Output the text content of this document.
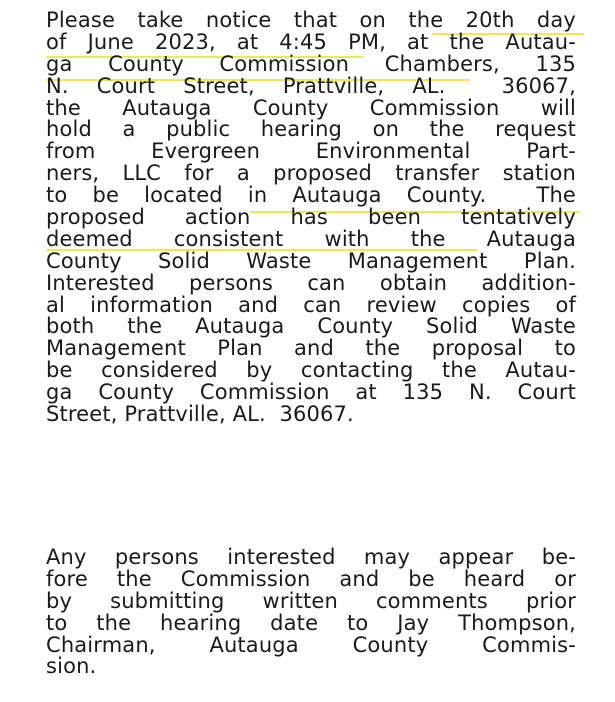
Please take notice that on the 20th day
of June 2023, at 4:45 PM, at the Autau-
ga County Commission Chambers, 135
N. Court Street, Prattville, AL.  36067,
the Autauga County Commission will
hold a public hearing on the request
from Evergreen Environmental Part-
ners, LLC for a proposed transfer station
to be located in Autauga County.  The
proposed action has been tentatively
deemed consistent with the Autauga
County Solid Waste Management Plan.
Interested persons can obtain addition-
al information and can review copies of
both the Autauga County Solid Waste
Management Plan and the proposal to
be considered by contacting the Autau-
ga County Commission at 135 N. Court
Street, Prattville, AL.  36067.
Any persons interested may appear be-
fore the Commission and be heard or
by submitting written comments prior
to the hearing date to Jay Thompson,
Chairman,  Autauga  County  Commis-
sion.
